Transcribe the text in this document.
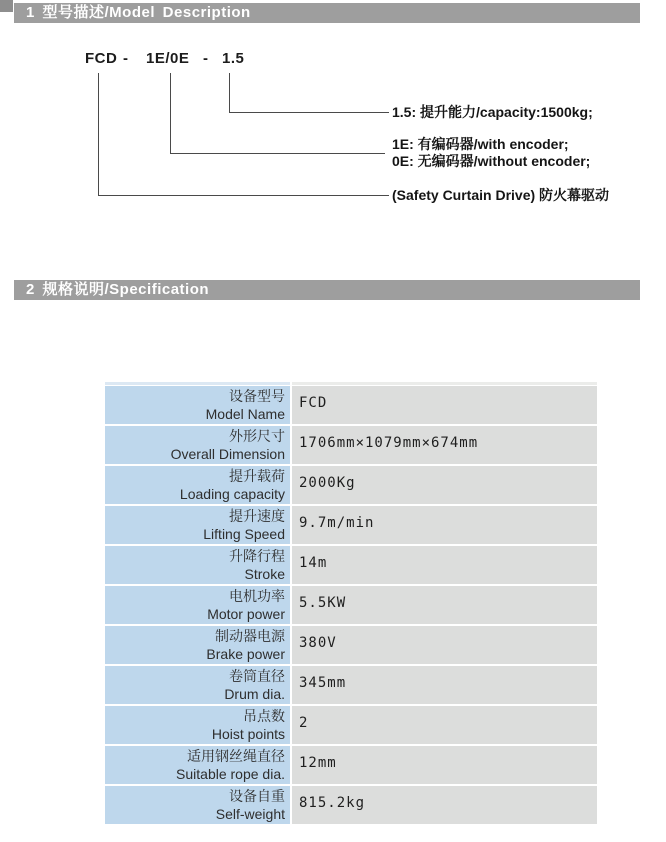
1 型号描述/Model Description
FCD - 1E/0E - 1.5
1.5: 提升能力/capacity:1500kg;
1E: 有编码器/with encoder;
0E: 无编码器/without encoder;
(Safety Curtain Drive) 防火幕驱动
2 规格说明/Specification
设备型号
Model Name
FCD
外形尺寸
Overall Dimension
1706mm×1079mm×674mm
提升载荷
Loading capacity
2000Kg
提升速度
Lifting Speed
9.7m/min
升降行程
Stroke
14m
电机功率
Motor power
5.5KW
制动器电源
Brake power
380V
卷筒直径
Drum dia.
345mm
吊点数
Hoist points
2
适用钢丝绳直径
Suitable rope dia.
12mm
设备自重
Self-weight
815.2kg
